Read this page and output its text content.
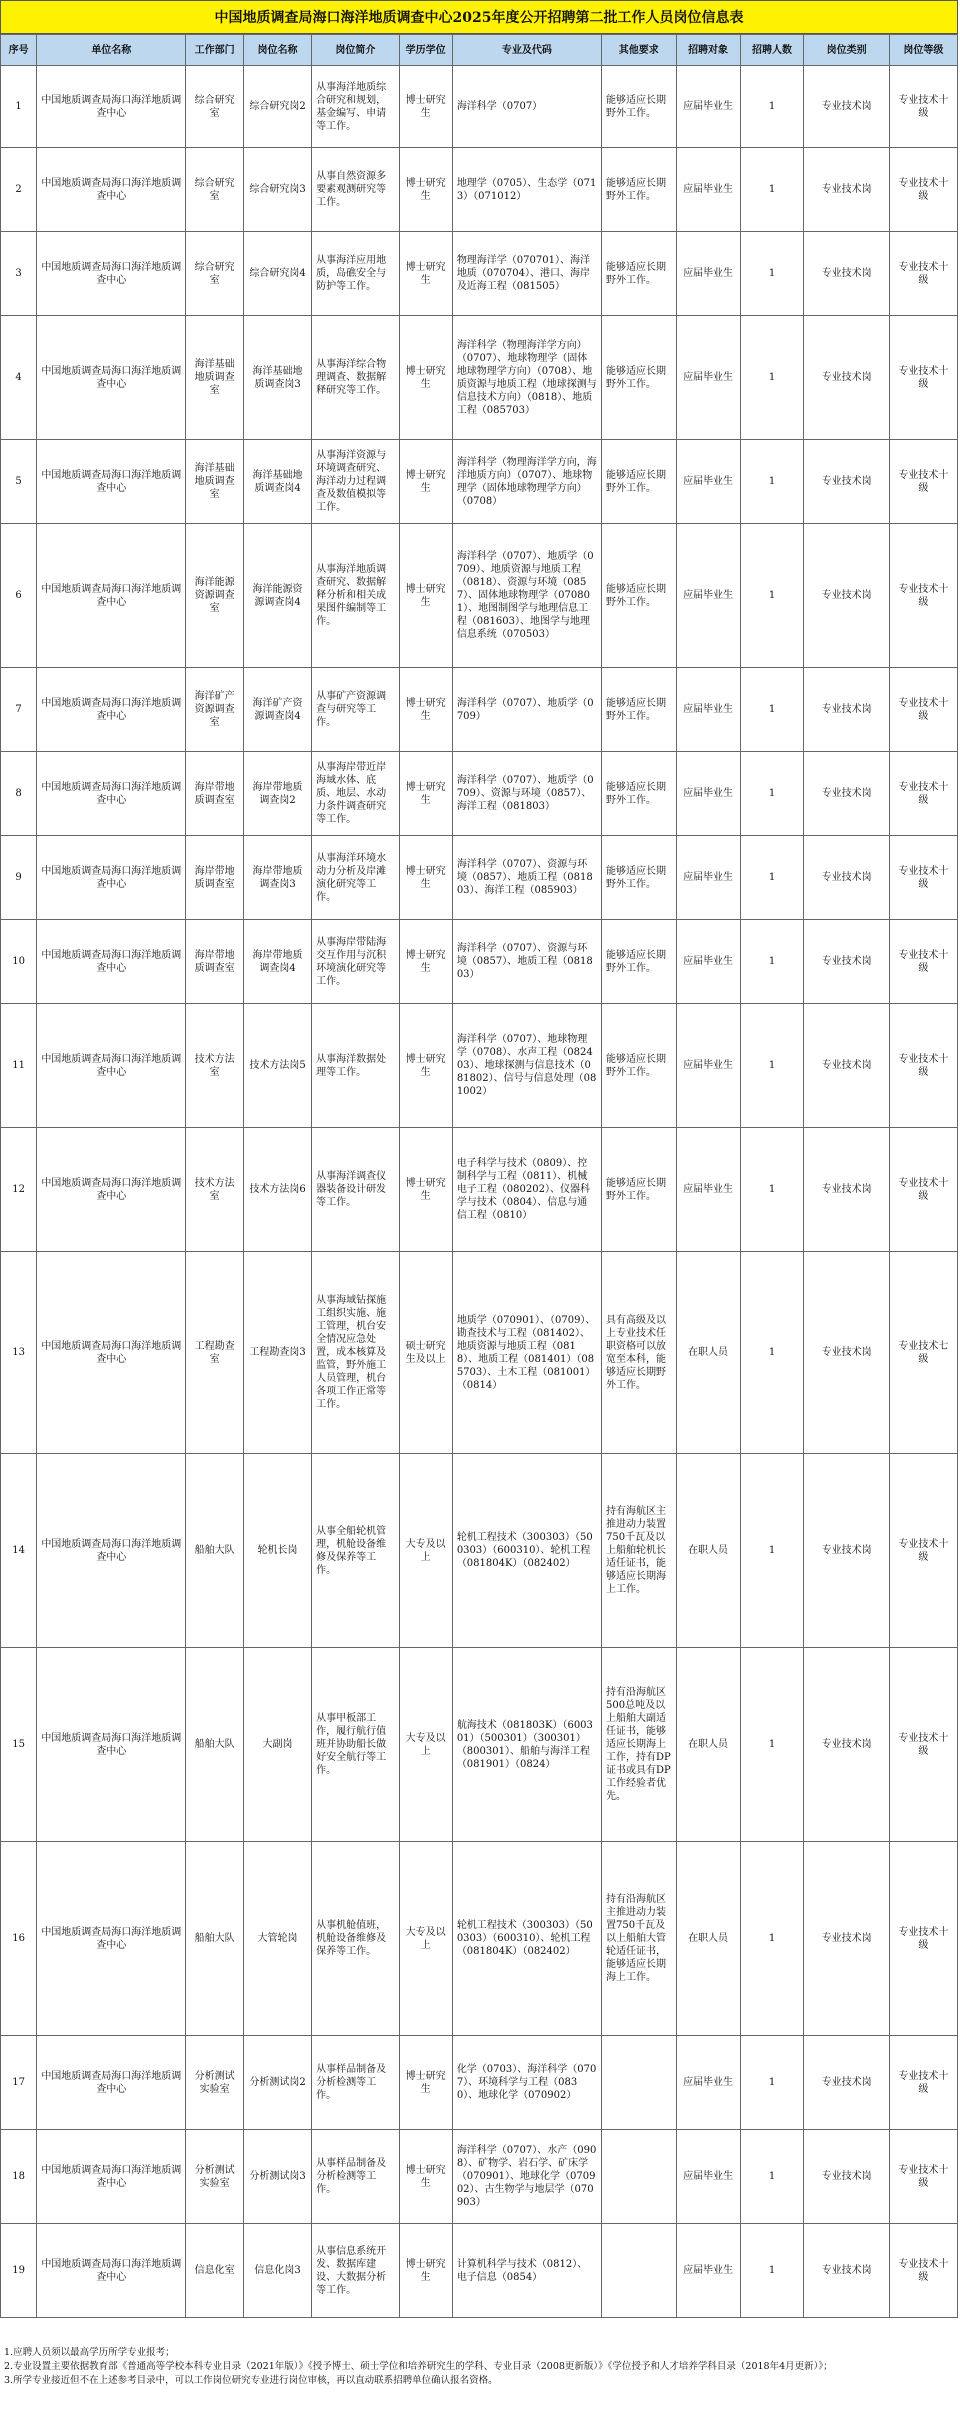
中国地质调查局海口海洋地质调查中心2025年度公开招聘第二批工作人员岗位信息表
序号	单位名称	工作部门	岗位名称	岗位简介	学历学位	专业及代码	其他要求	招聘对象	招聘人数	岗位类别	岗位等级
1	中国地质调查局海口海洋地质调查中心	综合研究室	综合研究岗2	从事海洋地质综合研究和规划，基金编写、申请等工作。	博士研究生	海洋科学（0707）	能够适应长期野外工作。	应届毕业生	1	专业技术岗	专业技术十级
2	中国地质调查局海口海洋地质调查中心	综合研究室	综合研究岗3	从事自然资源多要素观测研究等工作。	博士研究生	地理学（0705）、生态学（0713）（071012）	能够适应长期野外工作。	应届毕业生	1	专业技术岗	专业技术十级
3	中国地质调查局海口海洋地质调查中心	综合研究室	综合研究岗4	从事海洋应用地质，岛礁安全与防护等工作。	博士研究生	物理海洋学（070701）、海洋地质（070704）、港口、海岸及近海工程（081505）	能够适应长期野外工作。	应届毕业生	1	专业技术岗	专业技术十级
4	中国地质调查局海口海洋地质调查中心	海洋基础地质调查室	海洋基础地质调查岗3	从事海洋综合物理调查、数据解释研究等工作。	博士研究生	海洋科学（物理海洋学方向）（0707）、地球物理学（固体地球物理学方向）（0708）、地质资源与地质工程（地球探测与信息技术方向）（0818）、地质工程（085703）	能够适应长期野外工作。	应届毕业生	1	专业技术岗	专业技术十级
5	中国地质调查局海口海洋地质调查中心	海洋基础地质调查室	海洋基础地质调查岗4	从事海洋资源与环境调查研究、海洋动力过程调查及数值模拟等工作。	博士研究生	海洋科学（物理海洋学方向，海洋地质方向）（0707）、地球物理学（固体地球物理学方向）（0708）	能够适应长期野外工作。	应届毕业生	1	专业技术岗	专业技术十级
6	中国地质调查局海口海洋地质调查中心	海洋能源资源调查室	海洋能源资源调查岗4	从事海洋地质调查研究、数据解释分析和相关成果图件编制等工作。	博士研究生	海洋科学（0707）、地质学（0709）、地质资源与地质工程（0818）、资源与环境（0857）、固体地球物理学（070801）、地图制图学与地理信息工程（081603）、地图学与地理信息系统（070503）	能够适应长期野外工作。	应届毕业生	1	专业技术岗	专业技术十级
7	中国地质调查局海口海洋地质调查中心	海洋矿产资源调查室	海洋矿产资源调查岗4	从事矿产资源调查与研究等工作。	博士研究生	海洋科学（0707）、地质学（0709）	能够适应长期野外工作。	应届毕业生	1	专业技术岗	专业技术十级
8	中国地质调查局海口海洋地质调查中心	海岸带地质调查室	海岸带地质调查岗2	从事海岸带近岸海域水体、底质、地层、水动力条件调查研究等工作。	博士研究生	海洋科学（0707）、地质学（0709）、资源与环境（0857）、海洋工程（081803）	能够适应长期野外工作。	应届毕业生	1	专业技术岗	专业技术十级
9	中国地质调查局海口海洋地质调查中心	海岸带地质调查室	海岸带地质调查岗3	从事海洋环境水动力分析及岸滩演化研究等工作。	博士研究生	海洋科学（0707）、资源与环境（0857）、地质工程（081803）、海洋工程（085903）	能够适应长期野外工作。	应届毕业生	1	专业技术岗	专业技术十级
10	中国地质调查局海口海洋地质调查中心	海岸带地质调查室	海岸带地质调查岗4	从事海岸带陆海交互作用与沉积环境演化研究等工作。	博士研究生	海洋科学（0707）、资源与环境（0857）、地质工程（081803）	能够适应长期野外工作。	应届毕业生	1	专业技术岗	专业技术十级
11	中国地质调查局海口海洋地质调查中心	技术方法室	技术方法岗5	从事海洋数据处理等工作。	博士研究生	海洋科学（0707）、地球物理学（0708）、水声工程（082403）、地球探测与信息技术（081802）、信号与信息处理（081002）	能够适应长期野外工作。	应届毕业生	1	专业技术岗	专业技术十级
12	中国地质调查局海口海洋地质调查中心	技术方法室	技术方法岗6	从事海洋调查仪器装备设计研发等工作。	博士研究生	电子科学与技术（0809）、控制科学与工程（0811）、机械电子工程（080202）、仪器科学与技术（0804）、信息与通信工程（0810）	能够适应长期野外工作。	应届毕业生	1	专业技术岗	专业技术十级
13	中国地质调查局海口海洋地质调查中心	工程勘查室	工程勘查岗3	从事海域钻探施工组织实施、施工管理，机台安全情况应急处置，成本核算及监管，野外施工人员管理，机台各项工作正常等工作。	硕士研究生及以上	地质学（070901）、（0709）、勘查技术与工程（081402）、地质资源与地质工程（0818）、地质工程（081401）（085703）、土木工程（081001）（0814）	具有高级及以上专业技术任职资格可以放宽至本科，能够适应长期野外工作。	在职人员	1	专业技术岗	专业技术七级
14	中国地质调查局海口海洋地质调查中心	船舶大队	轮机长岗	从事全船轮机管理，机舱设备维修及保养等工作。	大专及以上	轮机工程技术（300303）（500303）（600310）、轮机工程（081804K）（082402）	持有海航区主推进动力装置750千瓦及以上船舶轮机长适任证书，能够适应长期海上工作。	在职人员	1	专业技术岗	专业技术十级
15	中国地质调查局海口海洋地质调查中心	船舶大队	大副岗	从事甲板部工作，履行航行值班并协助船长做好安全航行等工作。	大专及以上	航海技术（081803K）（600301）（500301）（300301）（800301）、船舶与海洋工程（081901）（0824）	持有沿海航区500总吨及以上船舶大副适任证书，能够适应长期海上工作，持有DP证书或具有DP工作经验者优先。	在职人员	1	专业技术岗	专业技术十级
16	中国地质调查局海口海洋地质调查中心	船舶大队	大管轮岗	从事机舱值班，机舱设备维修及保养等工作。	大专及以上	轮机工程技术（300303）（500303）（600310）、轮机工程（081804K）（082402）	持有沿海航区主推进动力装置750千瓦及以上船舶大管轮适任证书，能够适应长期海上工作。	在职人员	1	专业技术岗	专业技术十级
17	中国地质调查局海口海洋地质调查中心	分析测试实验室	分析测试岗2	从事样品制备及分析检测等工作。	博士研究生	化学（0703）、海洋科学（0707）、环境科学与工程（0830）、地球化学（070902）		应届毕业生	1	专业技术岗	专业技术十级
18	中国地质调查局海口海洋地质调查中心	分析测试实验室	分析测试岗3	从事样品制备及分析检测等工作。	博士研究生	海洋科学（0707）、水产（0908）、矿物学、岩石学、矿床学（070901）、地球化学（070902）、古生物学与地层学（070903）		应届毕业生	1	专业技术岗	专业技术十级
19	中国地质调查局海口海洋地质调查中心	信息化室	信息化岗3	从事信息系统开发、数据库建设、大数据分析等工作。	博士研究生	计算机科学与技术（0812）、电子信息（0854）		应届毕业生	1	专业技术岗	专业技术十级
1.应聘人员须以最高学历所学专业报考；
2.专业设置主要依据教育部《普通高等学校本科专业目录（2021年版）》《授予博士、硕士学位和培养研究生的学科、专业目录（2008更新版）》《学位授予和人才培养学科目录（2018年4月更新）》；
3.所学专业接近但不在上述参考目录中，可以工作岗位研究专业进行岗位审核，再以直动联系招聘单位确认报名资格。
